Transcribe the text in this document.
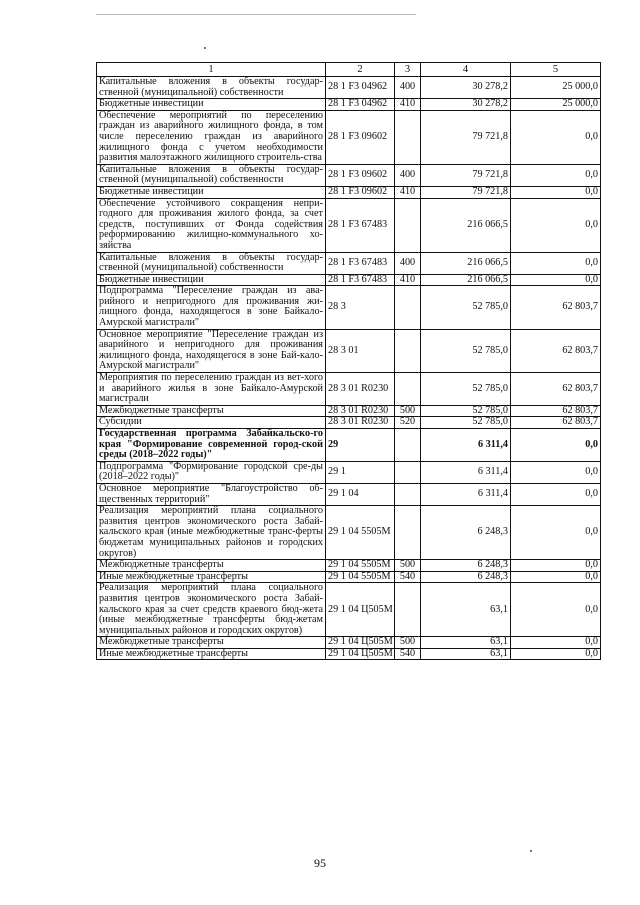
1	2	3	4	5
Капитальные вложения в объекты государ-ственной (муниципальной) собственности	28 1 F3 04962	400	30 278,2	25 000,0
Бюджетные инвестиции	28 1 F3 04962	410	30 278,2	25 000,0
Обеспечение мероприятий по переселению граждан из аварийного жилищного фонда, в том числе переселению граждан из аварийного жилищного фонда с учетом необходимости развития малоэтажного жилищного строитель-ства	28 1 F3 09602		79 721,8	0,0
Капитальные вложения в объекты государ-ственной (муниципальной) собственности	28 1 F3 09602	400	79 721,8	0,0
Бюджетные инвестиции	28 1 F3 09602	410	79 721,8	0,0
Обеспечение устойчивого сокращения непри-годного для проживания жилого фонда, за счет средств, поступивших от Фонда содействия реформированию жилищно-коммунального хо-зяйства	28 1 F3 67483		216 066,5	0,0
Капитальные вложения в объекты государ-ственной (муниципальной) собственности	28 1 F3 67483	400	216 066,5	0,0
Бюджетные инвестиции	28 1 F3 67483	410	216 066,5	0,0
Подпрограмма "Переселение граждан из ава-рийного и непригодного для проживания жи-лищного фонда, находящегося в зоне Байкало-Амурской магистрали"	28 3		52 785,0	62 803,7
Основное мероприятие "Переселение граждан из аварийного и непригодного для проживания жилищного фонда, находящегося в зоне Бай-кало-Амурской магистрали"	28 3 01		52 785,0	62 803,7
Мероприятия по переселению граждан из вет-хого и аварийного жилья в зоне Байкало-Амурской магистрали	28 3 01 R0230		52 785,0	62 803,7
Межбюджетные трансферты	28 3 01 R0230	500	52 785,0	62 803,7
Субсидии	28 3 01 R0230	520	52 785,0	62 803,7
Государственная программа Забайкальско-го края "Формирование современной город-ской среды (2018–2022 годы)"	29		6 311,4	0,0
Подпрограмма "Формирование городской сре-ды (2018–2022 годы)"	29 1		6 311,4	0,0
Основное мероприятие "Благоустройство об-щественных территорий"	29 1 04		6 311,4	0,0
Реализация мероприятий плана социального развития центров экономического роста Забай-кальского края (иные межбюджетные транс-ферты бюджетам муниципальных районов и городских округов)	29 1 04 5505М		6 248,3	0,0
Межбюджетные трансферты	29 1 04 5505М	500	6 248,3	0,0
Иные межбюджетные трансферты	29 1 04 5505М	540	6 248,3	0,0
Реализация мероприятий плана социального развития центров экономического роста Забай-кальского края за счет средств краевого бюд-жета (иные межбюджетные трансферты бюд-жетам муниципальных районов и городских округов)	29 1 04 Ц505М		63,1	0,0
Межбюджетные трансферты	29 1 04 Ц505М	500	63,1	0,0
Иные межбюджетные трансферты	29 1 04 Ц505М	540	63,1	0,0
95
